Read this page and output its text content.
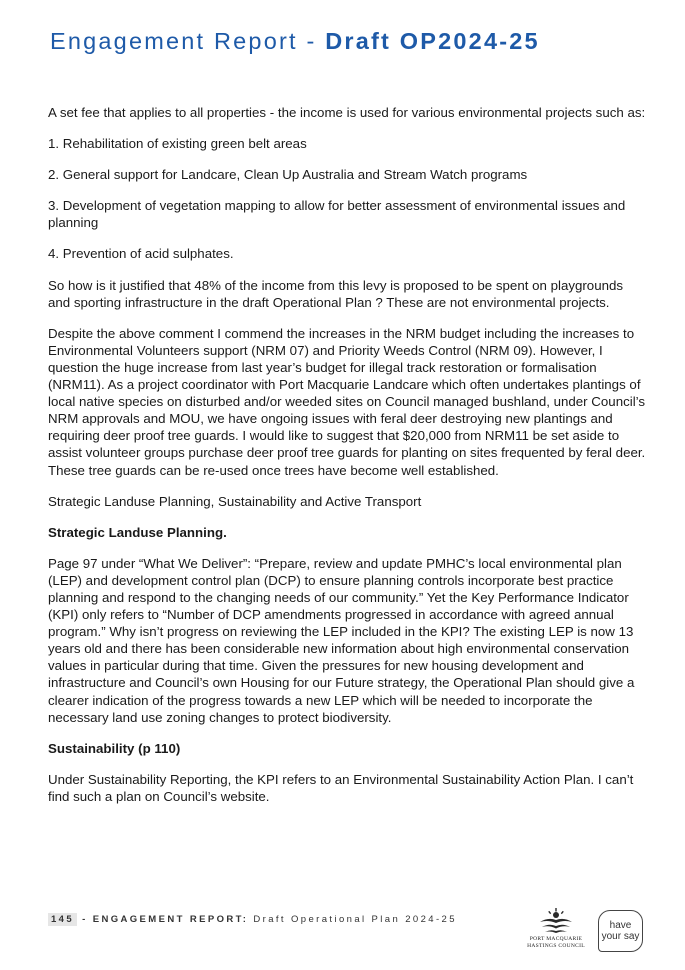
Engagement Report - Draft OP2024-25

A set fee that applies to all properties - the income is used for various environmental projects such as:

1. Rehabilitation of existing green belt areas

2. General support for Landcare, Clean Up Australia and Stream Watch programs

3. Development of vegetation mapping to allow for better assessment of environmental issues and planning

4. Prevention of acid sulphates.

So how is it justified that 48% of the income from this levy is proposed to be spent on playgrounds and sporting infrastructure in the draft Operational Plan ? These are not environmental projects.

Despite the above comment I commend the increases in the NRM budget including the increases to Environmental Volunteers support (NRM 07) and Priority Weeds Control (NRM 09). However, I question the huge increase from last year’s budget for illegal track restoration or formalisation (NRM11). As a project coordinator with Port Macquarie Landcare which often undertakes plantings of local native species on disturbed and/or weeded sites on Council managed bushland, under Council’s NRM approvals and MOU, we have ongoing issues with feral deer destroying new plantings and requiring deer proof tree guards. I would like to suggest that $20,000 from NRM11 be set aside to assist volunteer groups purchase deer proof tree guards for planting on sites frequented by feral deer. These tree guards can be re-used once trees have become well established.

Strategic Landuse Planning, Sustainability and Active Transport

Strategic Landuse Planning.

Page 97 under “What We Deliver”: “Prepare, review and update PMHC’s local environmental plan (LEP) and development control plan (DCP) to ensure planning controls incorporate best practice planning and respond to the changing needs of our community.” Yet the Key Performance Indicator (KPI) only refers to “Number of DCP amendments progressed in accordance with agreed annual program.” Why isn’t progress on reviewing the LEP included in the KPI? The existing LEP is now 13 years old and there has been considerable new information about high environmental conservation values in particular during that time. Given the pressures for new housing development and infrastructure and Council’s own Housing for our Future strategy, the Operational Plan should give a clearer indication of the progress towards a new LEP which will be needed to incorporate the necessary land use zoning changes to protect biodiversity.

Sustainability (p 110)

Under Sustainability Reporting, the KPI refers to an Environmental Sustainability Action Plan. I can’t find such a plan on Council’s website.

145 - ENGAGEMENT REPORT: Draft Operational Plan 2024-25
PORT MACQUARIE
HASTINGS COUNCIL
have
your say
